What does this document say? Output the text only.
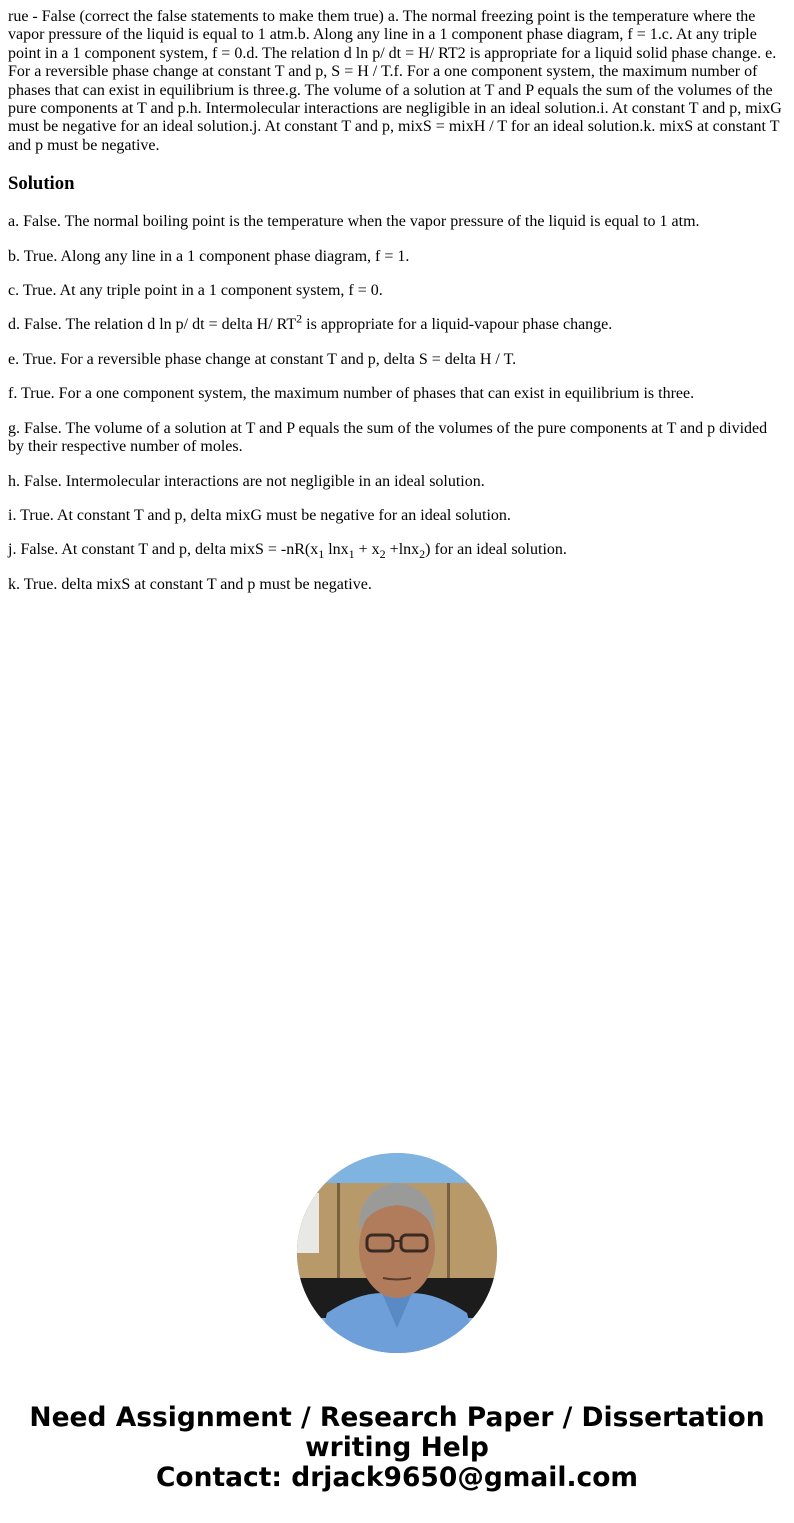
rue - False (correct the false statements to make them true) a. The normal freezing point is the temperature where the vapor pressure of the liquid is equal to 1 atm.b. Along any line in a 1 component phase diagram, f = 1.c. At any triple point in a 1 component system, f = 0.d. The relation d ln p/ dt = H/ RT2 is appropriate for a liquid solid phase change. e. For a reversible phase change at constant T and p, S = H / T.f. For a one component system, the maximum number of phases that can exist in equilibrium is three.g. The volume of a solution at T and P equals the sum of the volumes of the pure components at T and p.h. Intermolecular interactions are negligible in an ideal solution.i. At constant T and p, mixG must be negative for an ideal solution.j. At constant T and p, mixS = mixH / T for an ideal solution.k. mixS at constant T and p must be negative.

Solution

a. False. The normal boiling point is the temperature when the vapor pressure of the liquid is equal to 1 atm.

b. True. Along any line in a 1 component phase diagram, f = 1.

c. True. At any triple point in a 1 component system, f = 0.

d. False. The relation d ln p/ dt = delta H/ $RT^2$ is appropriate for a liquid-vapour phase change.

e. True. For a reversible phase change at constant T and p, delta S = delta H / T.

f. True. For a one component system, the maximum number of phases that can exist in equilibrium is three.

g. False. The volume of a solution at T and P equals the sum of the volumes of the pure components at T and p divided by their respective number of moles.

h. False. Intermolecular interactions are not negligible in an ideal solution.

i. True. At constant T and p, delta mixG must be negative for an ideal solution.

j. False. At constant T and p, delta mixS = $-nR(x_1$ $\ln x_1 + x_2 +\ln x_2$) for an ideal solution.

k. True. delta mixS at constant T and p must be negative.

Need Assignment / Research Paper / Dissertation
writing Help
Contact: drjack9650@gmail.com
